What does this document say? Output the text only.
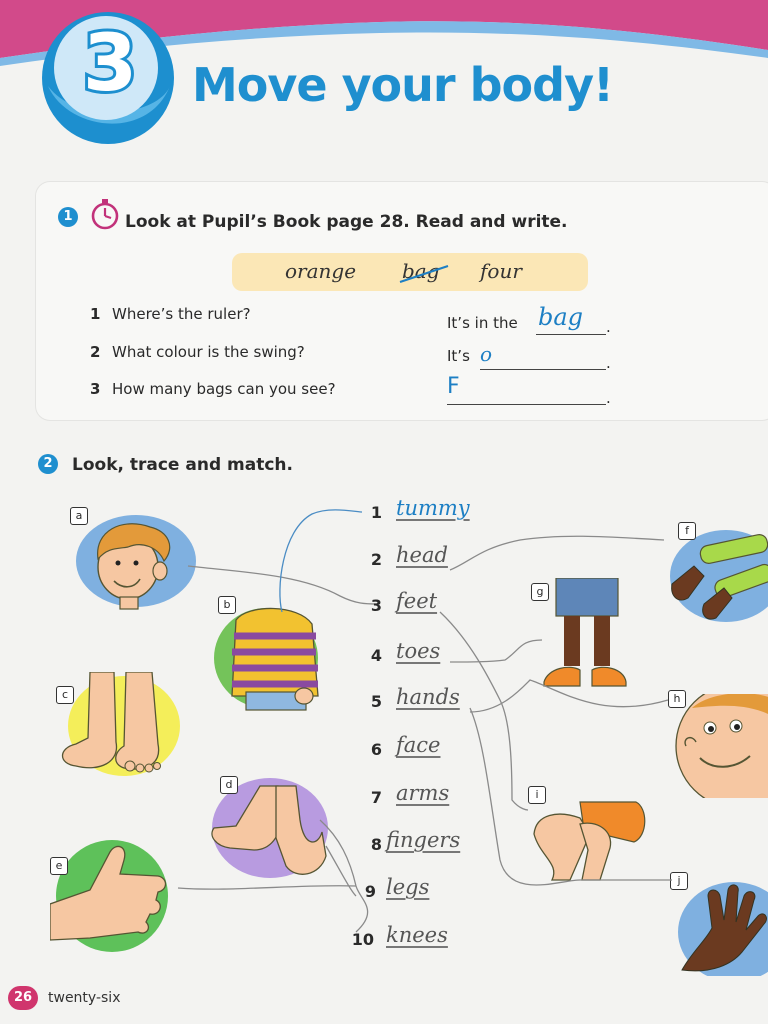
3	Move your body!
1	Look at Pupil’s Book page 28. Read and write.
orange bag four
1 Where’s the ruler?	It’s in the bag .
2 What colour is the swing?	It’s o	.
3 How many bags can you see?	F	.
2	Look, trace and match.
a
b
c
d
e
f
g
h
i
j
1 tummy
2 head
3 feet
4 toes
5 hands
6 face
7 arms
8 fingers
9 legs
10 knees
26	twenty-six
